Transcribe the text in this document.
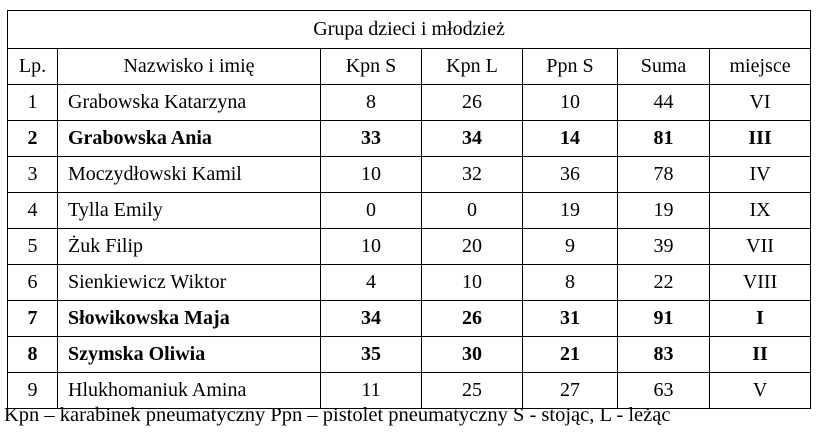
Grupa dzieci i młodzież						
Lp.	Nazwisko i imię	Kpn S	Kpn L	Ppn S	Suma	miejsce
1	Grabowska Katarzyna	8	26	10	44	VI
2	Grabowska Ania	33	34	14	81	III
3	Moczydłowski Kamil	10	32	36	78	IV
4	Tylla Emily	0	0	19	19	IX
5	Żuk Filip	10	20	9	39	VII
6	Sienkiewicz Wiktor	4	10	8	22	VIII
7	Słowikowska Maja	34	26	31	91	I
8	Szymska Oliwia	35	30	21	83	II
9	Hlukhomaniuk Amina	11	25	27	63	V
Kpn – karabinek pneumatyczny Ppn – pistolet pneumatyczny S - stojąc, L - leżąc
